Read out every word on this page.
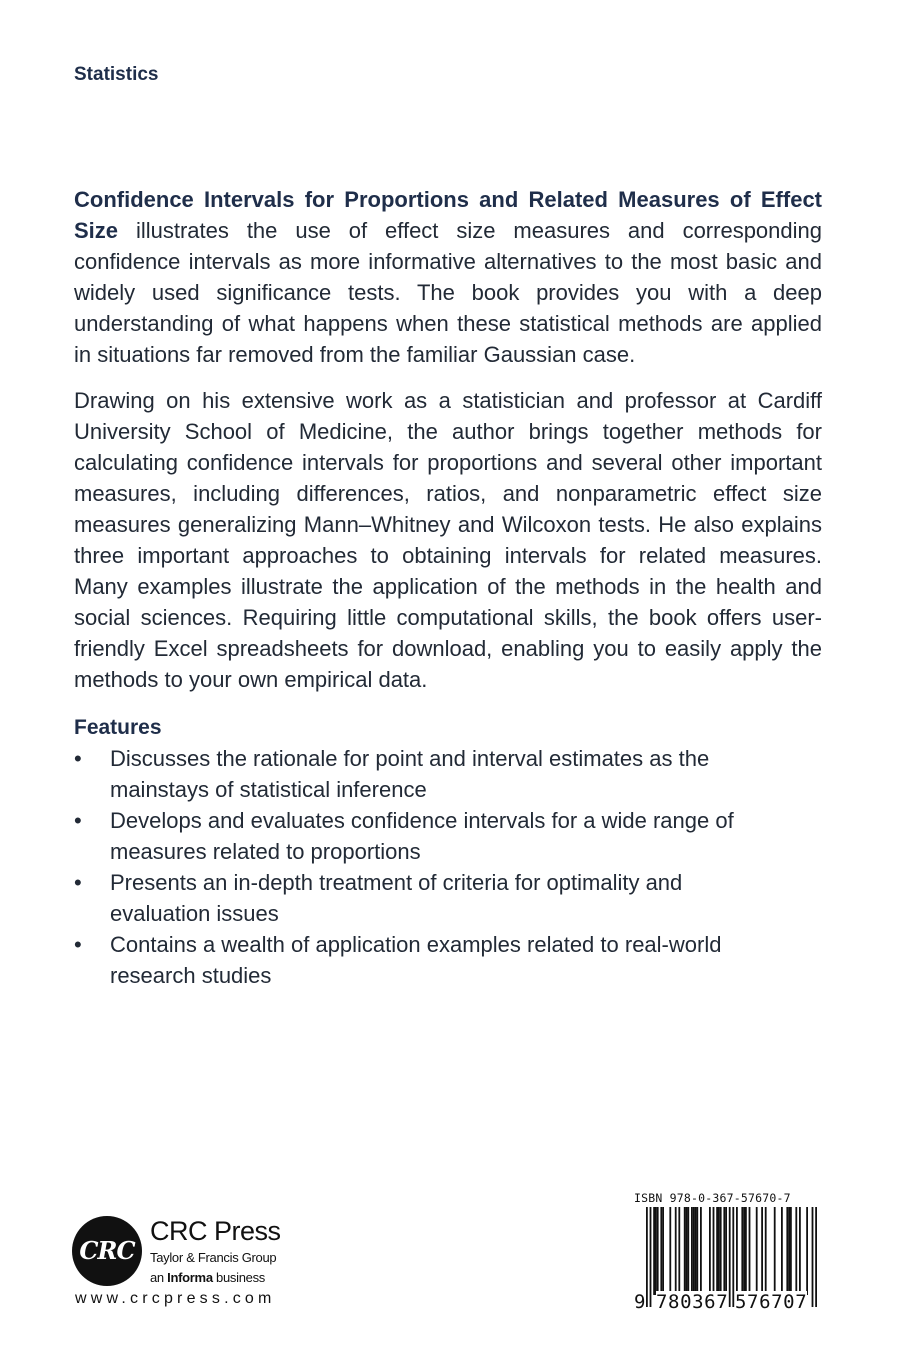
Statistics

Confidence Intervals for Proportions and Related Measures of Effect Size illustrates the use of effect size measures and corresponding confidence intervals as more informative alternatives to the most basic and widely used significance tests. The book provides you with a deep understanding of what happens when these statistical methods are applied in situations far removed from the familiar Gaussian case.

Drawing on his extensive work as a statistician and professor at Cardiff University School of Medicine, the author brings together methods for calculating confidence intervals for proportions and several other important measures, including differences, ratios, and nonparametric effect size measures generalizing Mann–Whitney and Wilcoxon tests. He also explains three important approaches to obtaining intervals for related measures. Many examples illustrate the application of the methods in the health and social sciences. Requiring little computational skills, the book offers user-friendly Excel spreadsheets for download, enabling you to easily apply the methods to your own empirical data.

Features
•	Discusses the rationale for point and interval estimates as the mainstays of statistical inference
•	Develops and evaluates confidence intervals for a wide range of measures related to proportions
•	Presents an in-depth treatment of criteria for optimality and evaluation issues
•	Contains a wealth of application examples related to real-world research studies
CRC
CRC Press
Taylor & Francis Group
an Informa business
www.crcpress.com
ISBN 978-0-367-57670-7
9 780367 576707
